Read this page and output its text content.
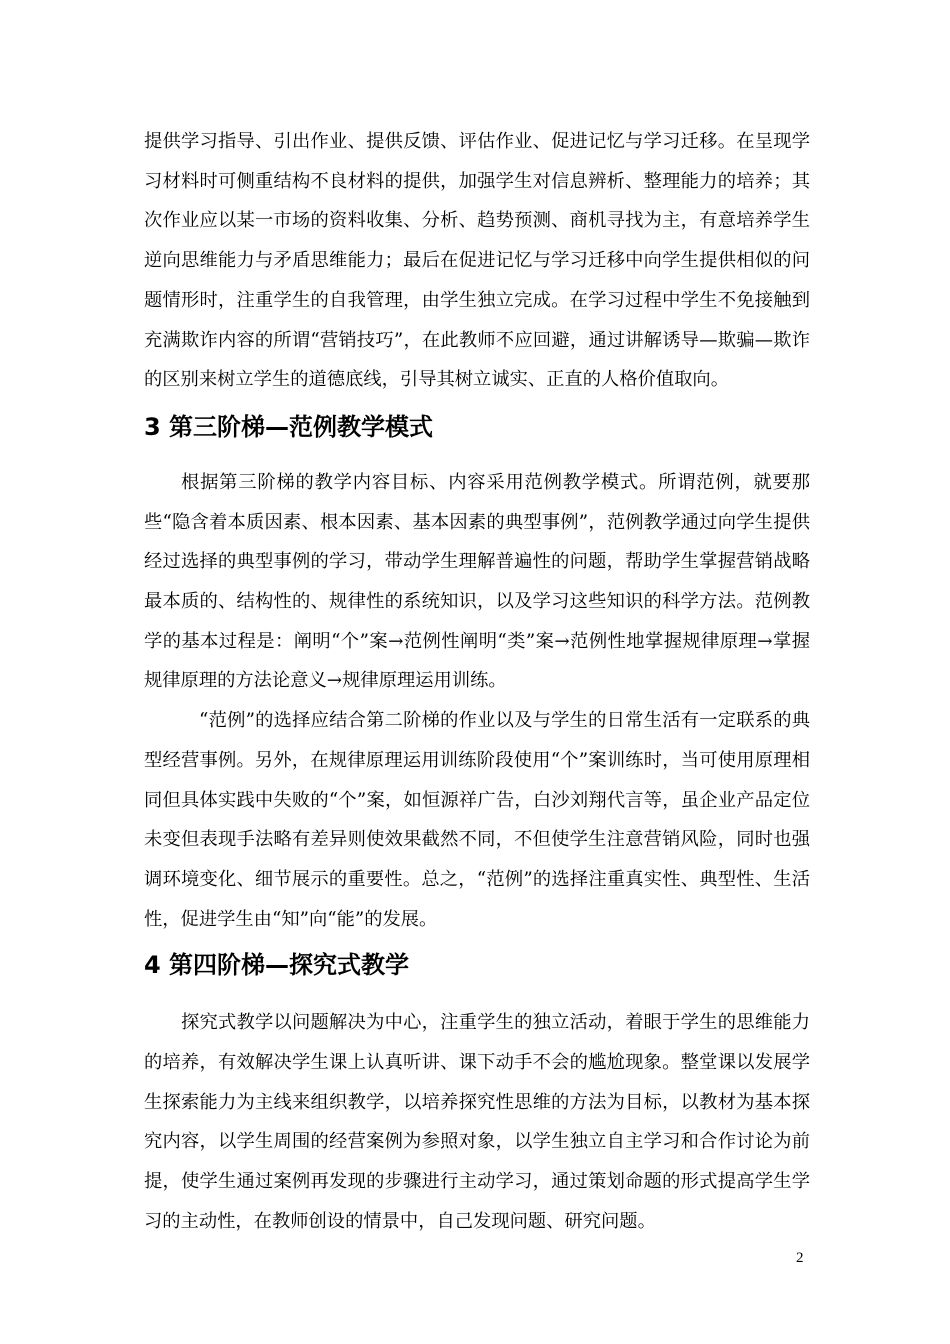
提供学习指导、引出作业、提供反馈、评估作业、促进记忆与学习迁移。在呈现学习材料时可侧重结构不良材料的提供，加强学生对信息辨析、整理能力的培养；其次作业应以某一市场的资料收集、分析、趋势预测、商机寻找为主，有意培养学生逆向思维能力与矛盾思维能力；最后在促进记忆与学习迁移中向学生提供相似的问题情形时，注重学生的自我管理，由学生独立完成。在学习过程中学生不免接触到充满欺诈内容的所谓“营销技巧”，在此教师不应回避，通过讲解诱导—欺骗—欺诈的区别来树立学生的道德底线，引导其树立诚实、正直的人格价值取向。

3 第三阶梯—范例教学模式

根据第三阶梯的教学内容目标、内容采用范例教学模式。所谓范例，就要那些“隐含着本质因素、根本因素、基本因素的典型事例”，范例教学通过向学生提供经过选择的典型事例的学习，带动学生理解普遍性的问题，帮助学生掌握营销战略最本质的、结构性的、规律性的系统知识，以及学习这些知识的科学方法。范例教学的基本过程是：阐明“个”案→范例性阐明“类”案→范例性地掌握规律原理→掌握规律原理的方法论意义→规律原理运用训练。

“范例”的选择应结合第二阶梯的作业以及与学生的日常生活有一定联系的典型经营事例。另外，在规律原理运用训练阶段使用“个”案训练时，当可使用原理相同但具体实践中失败的“个”案，如恒源祥广告，白沙刘翔代言等，虽企业产品定位未变但表现手法略有差异则使效果截然不同，不但使学生注意营销风险，同时也强调环境变化、细节展示的重要性。总之，“范例”的选择注重真实性、典型性、生活性，促进学生由“知”向“能”的发展。

4 第四阶梯—探究式教学

探究式教学以问题解决为中心，注重学生的独立活动，着眼于学生的思维能力的培养，有效解决学生课上认真听讲、课下动手不会的尴尬现象。整堂课以发展学生探索能力为主线来组织教学，以培养探究性思维的方法为目标，以教材为基本探究内容，以学生周围的经营案例为参照对象，以学生独立自主学习和合作讨论为前提，使学生通过案例再发现的步骤进行主动学习，通过策划命题的形式提高学生学习的主动性，在教师创设的情景中，自己发现问题、研究问题。

2
